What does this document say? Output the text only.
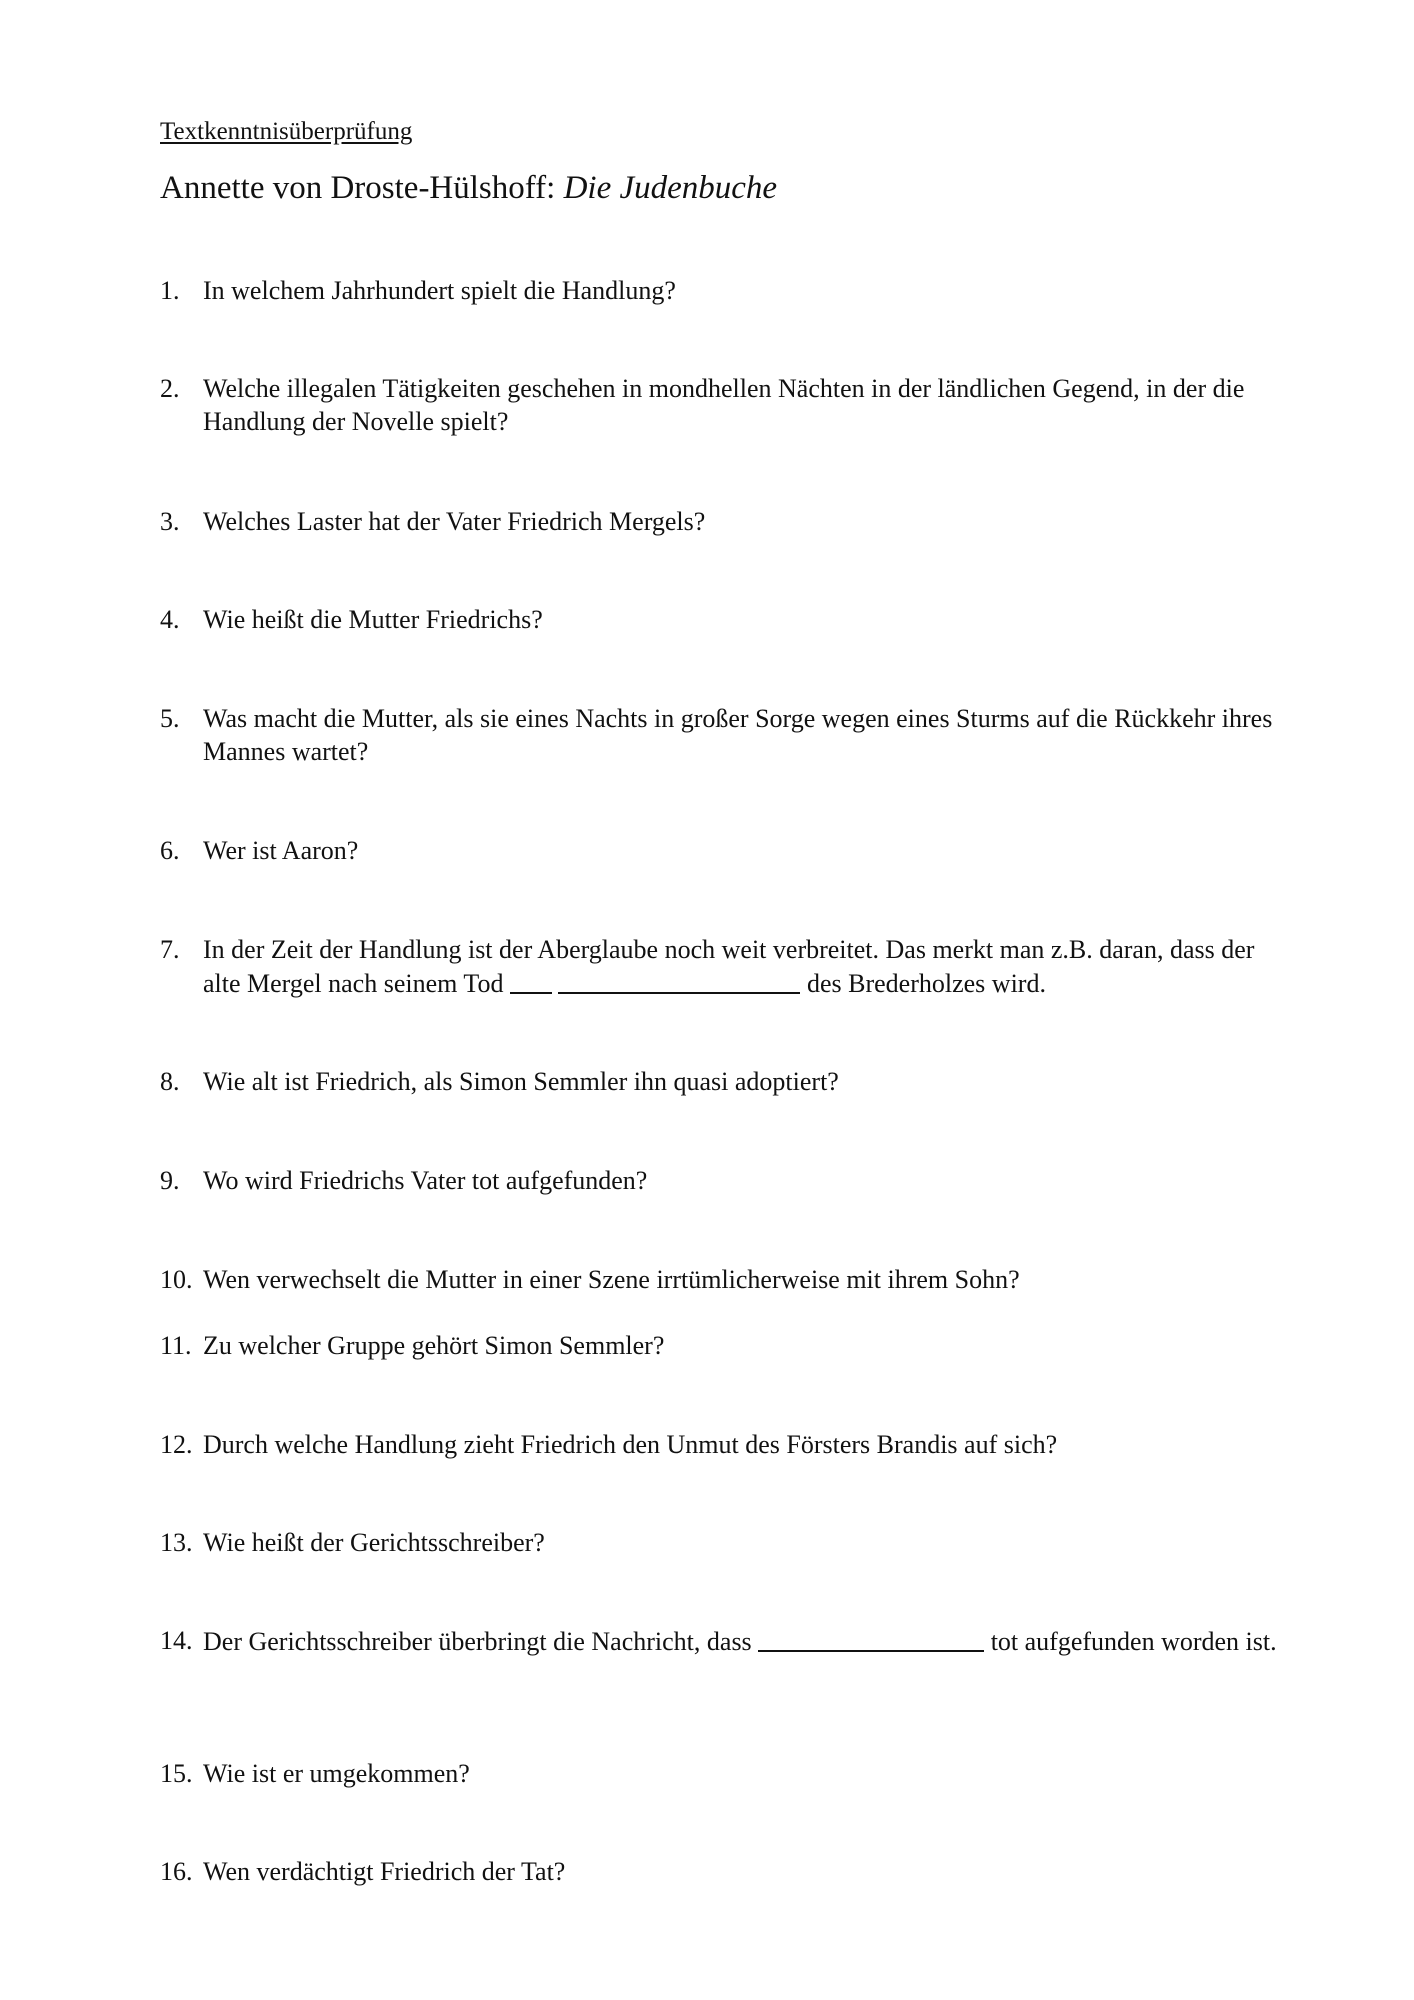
Textkenntnisüberprüfung
Annette von Droste-Hülshoff: Die Judenbuche
1. In welchem Jahrhundert spielt die Handlung?
2. Welche illegalen Tätigkeiten geschehen in mondhellen Nächten in der ländlichen Gegend, in der die Handlung der Novelle spielt?
3. Welches Laster hat der Vater Friedrich Mergels?
4. Wie heißt die Mutter Friedrichs?
5. Was macht die Mutter, als sie eines Nachts in großer Sorge wegen eines Sturms auf die Rückkehr ihres Mannes wartet?
6. Wer ist Aaron?
7. In der Zeit der Handlung ist der Aberglaube noch weit verbreitet. Das merkt man z.B. daran, dass der alte Mergel nach seinem Tod	des Brederholzes wird.
8. Wie alt ist Friedrich, als Simon Semmler ihn quasi adoptiert?
9. Wo wird Friedrichs Vater tot aufgefunden?
10. Wen verwechselt die Mutter in einer Szene irrtümlicherweise mit ihrem Sohn?
11. Zu welcher Gruppe gehört Simon Semmler?
12. Durch welche Handlung zieht Friedrich den Unmut des Försters Brandis auf sich?
13. Wie heißt der Gerichtsschreiber?
14. Der Gerichtsschreiber überbringt die Nachricht, dass	tot aufgefunden worden ist.
15. Wie ist er umgekommen?
16. Wen verdächtigt Friedrich der Tat?
